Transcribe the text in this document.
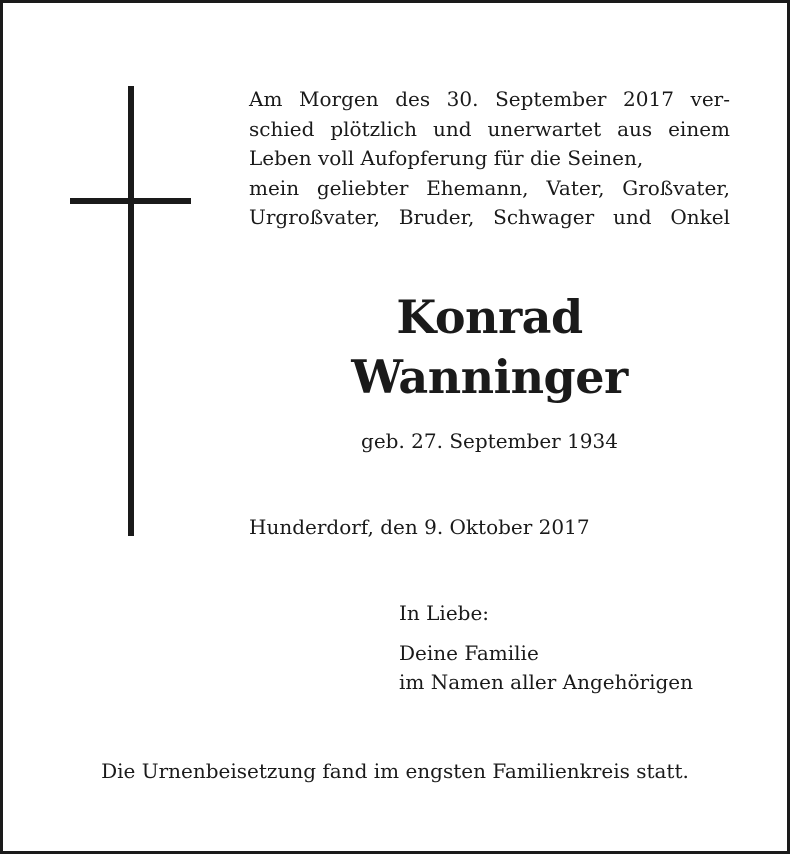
Am Morgen des 30. September 2017 ver-
schied plötzlich und unerwartet aus einem
Leben voll Aufopferung für die Seinen,
mein geliebter Ehemann, Vater, Großvater,
Urgroßvater, Bruder, Schwager und Onkel
Konrad
Wanninger
geb. 27. September 1934
Hunderdorf, den 9. Oktober 2017
In Liebe:
Deine Familie
im Namen aller Angehörigen
Die Urnenbeisetzung fand im engsten Familienkreis statt.
